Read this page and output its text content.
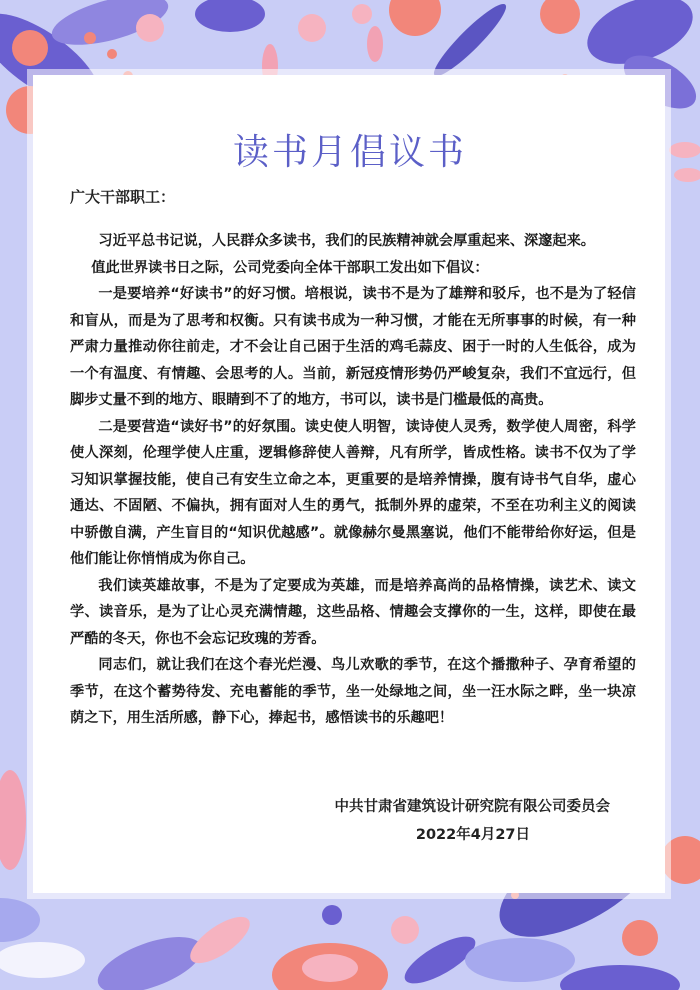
读书月倡议书
广大干部职工：

习近平总书记说，人民群众多读书，我们的民族精神就会厚重起来、深邃起来。

值此世界读书日之际，公司党委向全体干部职工发出如下倡议：

一是要培养“好读书”的好习惯。培根说，读书不是为了雄辩和驳斥，也不是为了轻信和盲从，而是为了思考和权衡。只有读书成为一种习惯，才能在无所事事的时候，有一种严肃力量推动你往前走，才不会让自己困于生活的鸡毛蒜皮、困于一时的人生低谷，成为一个有温度、有情趣、会思考的人。当前，新冠疫情形势仍严峻复杂，我们不宜远行，但脚步丈量不到的地方、眼睛到不了的地方，书可以，读书是门槛最低的高贵。

二是要营造“读好书”的好氛围。读史使人明智，读诗使人灵秀，数学使人周密，科学使人深刻，伦理学使人庄重，逻辑修辞使人善辩，凡有所学，皆成性格。读书不仅为了学习知识掌握技能，使自己有安生立命之本，更重要的是培养情操，腹有诗书气自华，虚心通达、不固陋、不偏执，拥有面对人生的勇气，抵制外界的虚荣，不至在功利主义的阅读中骄傲自满，产生盲目的“知识优越感”。就像赫尔曼黑塞说，他们不能带给你好运，但是他们能让你悄悄成为你自己。

我们读英雄故事，不是为了定要成为英雄，而是培养高尚的品格情操，读艺术、读文学、读音乐，是为了让心灵充满情趣，这些品格、情趣会支撑你的一生，这样，即使在最严酷的冬天，你也不会忘记玫瑰的芳香。

同志们，就让我们在这个春光烂漫、鸟儿欢歌的季节，在这个播撒种子、孕育希望的季节，在这个蓄势待发、充电蓄能的季节，坐一处绿地之间，坐一汪水际之畔，坐一块凉荫之下，用生活所感，静下心，捧起书，感悟读书的乐趣吧！

中共甘肃省建筑设计研究院有限公司委员会
2022年4月27日
